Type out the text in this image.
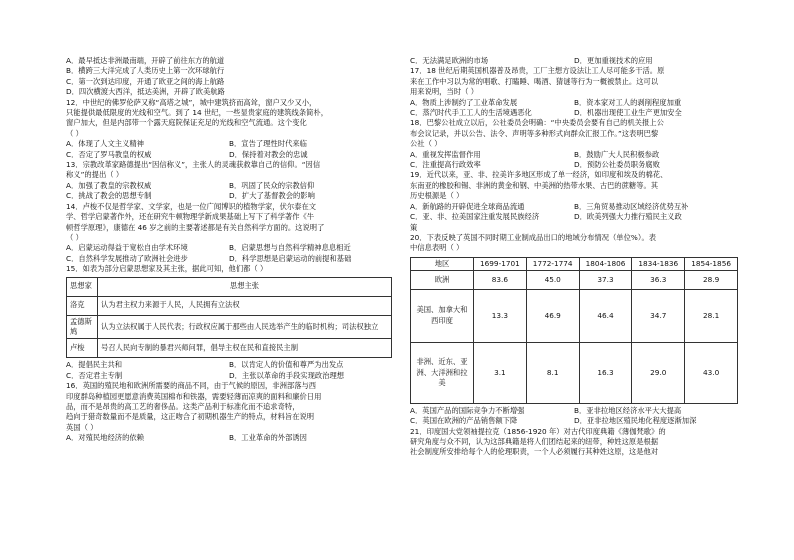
A．最早抵达非洲最南端，开辟了前往东方的航道

B．横跨三大洋完成了人类历史上第一次环球航行

C．第一次到达印度，开通了欧亚之间的海上航路

D．四次横渡大西洋，抵达美洲，开辟了欧美航路

12．中世纪的佛罗伦萨又称“高塔之城”，城中建筑挤而高耸，窗户又少又小，

只能提供最低限度的光线和空气。到了 14 世纪，一些显贵家庭的建筑线条简朴，

窗户加大，但是内部带一个露天庭院保证充足的光线和空气流通。这个变化

（ ）

A．体现了人文主义精神	B．宣告了理性时代来临
C．否定了罗马教皇的权威	D．保持着对教会的忠诚

13．宗教改革家路德提出“因信称义”，主张人的灵魂获救靠自己的信仰。“因信

称义”的提出（ ）

A．加强了教皇的宗教权威	B．巩固了民众的宗教信仰
C．挑战了教会的思想专制	D．扩大了基督教会的影响

14．卢梭不仅是哲学家、文学家，也是一位广闻博识的植物学家，伏尔泰在文

学、哲学启蒙著作外，还在研究牛顿物理学新成果基础上写下了科学著作《牛

顿哲学原理》，康德在 46 岁之前的主要著述都是有关自然科学方面的。这说明了

（ ）

A．启蒙运动得益于宽松自由学术环境	B．启蒙思想与自然科学精神息息相近
C．自然科学发展推动了欧洲社会进步	D．科学思想是启蒙运动的前提和基础

15．如表为部分启蒙思想家及其主张，据此可知，他们都（ ）

思想家	思想主张
洛克	认为君主权力来源于人民，人民拥有立法权
孟德斯鸠	认为立法权属于人民代表；行政权应属于那些由人民选举产生的临时机构；司法权独立
卢梭	号召人民向专制的暴君兴师问罪，倡导主权在民和直接民主制
A．提倡民主共和	B．以肯定人的价值和尊严为出发点
C．否定君主专制	D．主张以革命的手段实现政治理想

16．英国的殖民地和欧洲所需要的商品不同，由于气候的原因，非洲部落与西

印度群岛种植园更愿意消费英国棉布和铁器，需要轻薄而凉爽的面料和廉价日用

品，而不是昂贵的高工艺的奢侈品。这类产品利于标准化而不追求奇特，

趋向于猎奇数量而不是质量，这正吻合了初期机器生产的特点，材料旨在说明

英国（ ）

A．对殖民地经济的依赖	B．工业革命的外部诱因
C．无法满足欧洲的市场	D．更加重视技术的应用

17．18 世纪后期英国机器普及昂贵，工厂主想方设法让工人尽可能多干活。原

来在工作中习以为常的唱歌、打瞌睡、喝酒、猜谜等行为一概被禁止。这可以

用来说明，当时（ ）

A．物质上涉制约了工业革命发展	B．资本家对工人的剥削程度加重
C．蒸汽时代手工工人的生活境遇恶化	D．机器出现使工业生产更加安全

18．巴黎公社成立以后，公社委员会明确：“中央委员会要有自己的机关报上公

布会议记录，并以公告、法令、声明等多种形式向群众汇报工作。”这表明巴黎

公社（ ）

A．重视发挥监督作用	B．鼓励广大人民积极参政
C．注重提高行政效率	D．预防公社委员职务腐败

19．近代以来，亚、非、拉美许多地区形成了单一经济，如印度和埃及的棉花、

东南亚的橡胶和锡、非洲的黄金和钢、中美洲的热带水果、古巴的蔗糖等。其

历史根源是（ ）

A．新航路的开辟促进全球商品流通	B．三角贸易推动区域经济优势互补
C．亚、非、拉美国家注重发展民族经济	D．欧美列强大力推行殖民主义政

策

20．下表反映了英国不同时期工业制成品出口的地域分布情况（单位%）。表

中信息表明（ ）

地区	1699-1701	1772-1774	1804-1806	1834-1836	1854-1856
欧洲	83.6	45.0	37.3	36.3	28.9
美国、加拿大和西印度	13.3	46.9	46.4	34.7	28.1
非洲、近东、亚洲、大洋洲和拉美	3.1	8.1	16.3	29.0	43.0
A．英国产品的国际竞争力不断增强	B．亚非拉地区经济水平大大提高
C．英国在欧洲的产品销售额下降	D．亚非拉地区殖民地化程度逐渐加深

21．印度国大党领袖提拉克（1856-1920 年）对古代印度典籍《薄伽梵歌》的

研究角度与众不同，认为这部典籍是将人们团结起来的纽带，种姓这原是根据

社会制度所安排给每个人的伦理职责，一个人必须履行其种姓这原，这是他对
